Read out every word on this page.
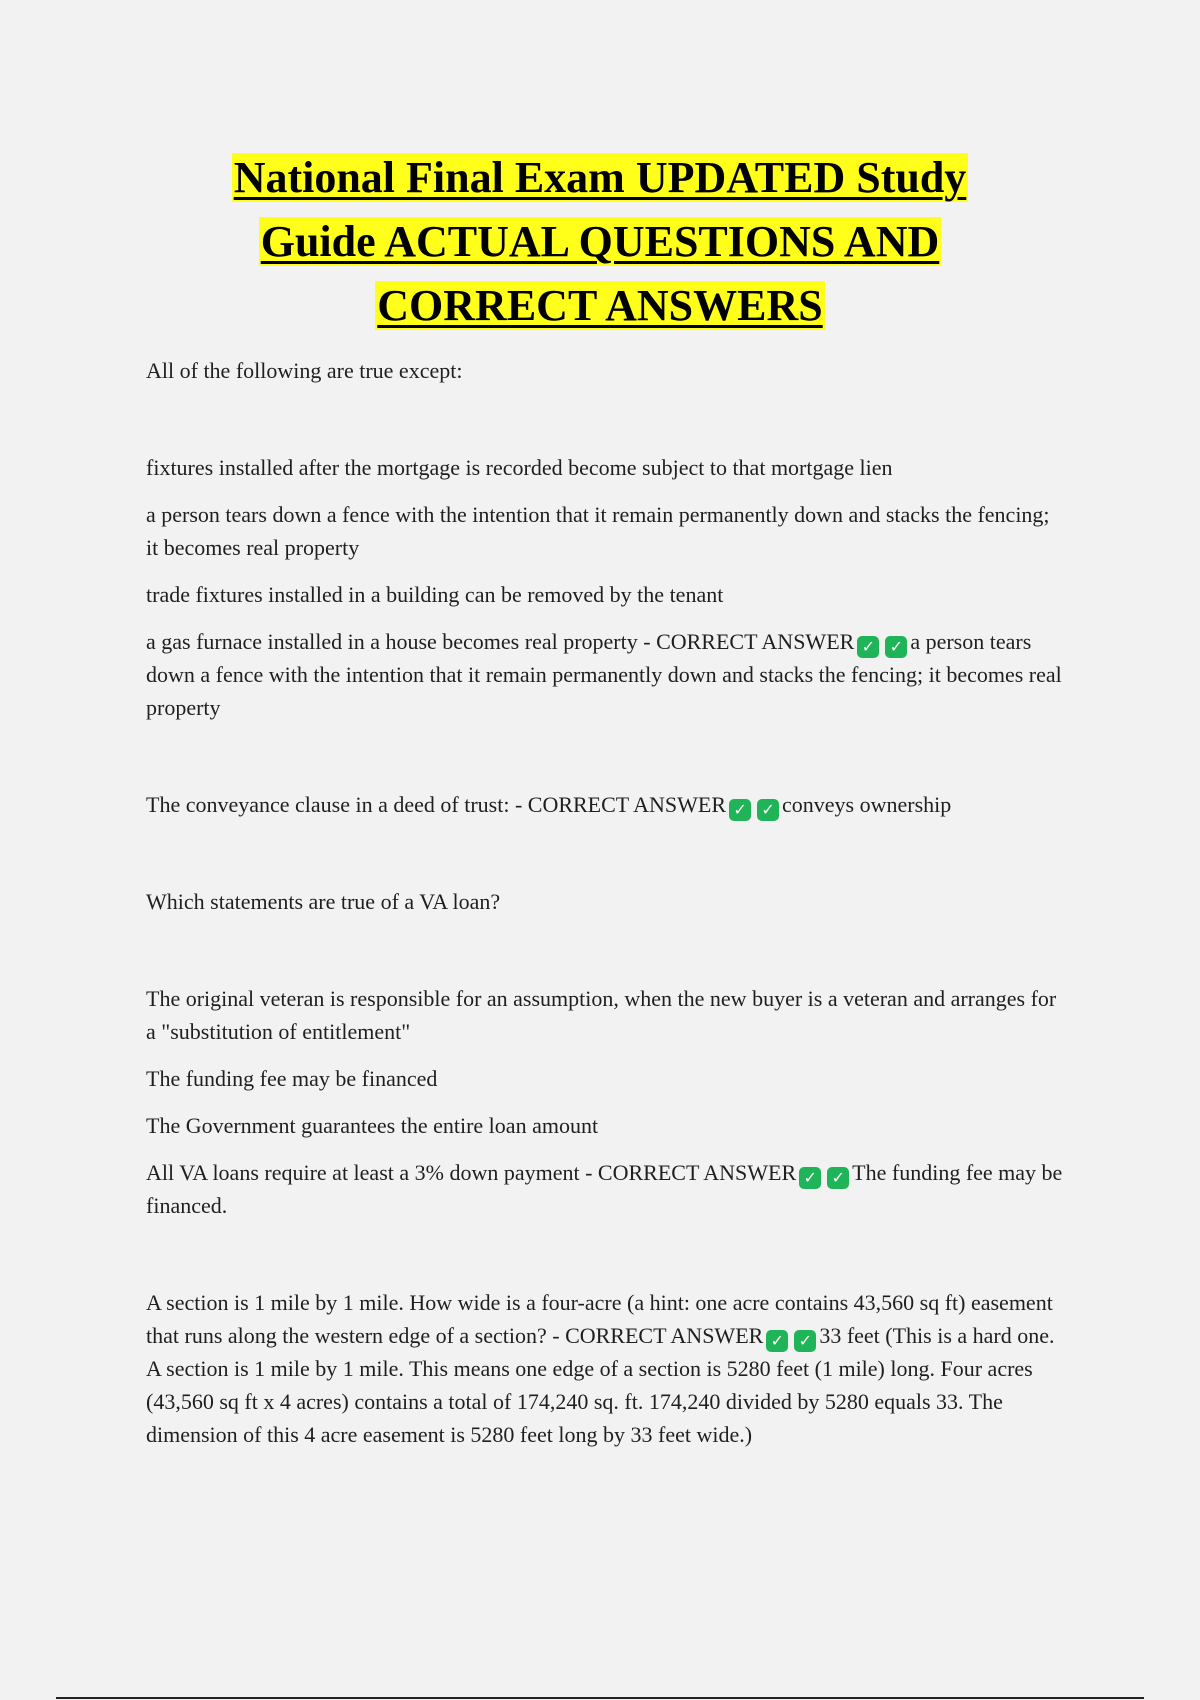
National Final Exam UPDATED Study
Guide ACTUAL QUESTIONS AND
CORRECT ANSWERS

All of the following are true except:

fixtures installed after the mortgage is recorded become subject to that mortgage lien

a person tears down a fence with the intention that it remain permanently down and stacks the fencing; it becomes real property

trade fixtures installed in a building can be removed by the tenant

a gas furnace installed in a house becomes real property - CORRECT ANSWER ✓ ✓ a person tears down a fence with the intention that it remain permanently down and stacks the fencing; it becomes real property

The conveyance clause in a deed of trust: - CORRECT ANSWER ✓ ✓ conveys ownership

Which statements are true of a VA loan?

The original veteran is responsible for an assumption, when the new buyer is a veteran and arranges for a "substitution of entitlement"

The funding fee may be financed

The Government guarantees the entire loan amount

All VA loans require at least a 3% down payment - CORRECT ANSWER ✓ ✓ The funding fee may be financed.

A section is 1 mile by 1 mile. How wide is a four-acre (a hint: one acre contains 43,560 sq ft) easement that runs along the western edge of a section? - CORRECT ANSWER ✓ ✓ 33 feet (This is a hard one. A section is 1 mile by 1 mile. This means one edge of a section is 5280 feet (1 mile) long. Four acres (43,560 sq ft x 4 acres) contains a total of 174,240 sq. ft. 174,240 divided by 5280 equals 33. The dimension of this 4 acre easement is 5280 feet long by 33 feet wide.)
